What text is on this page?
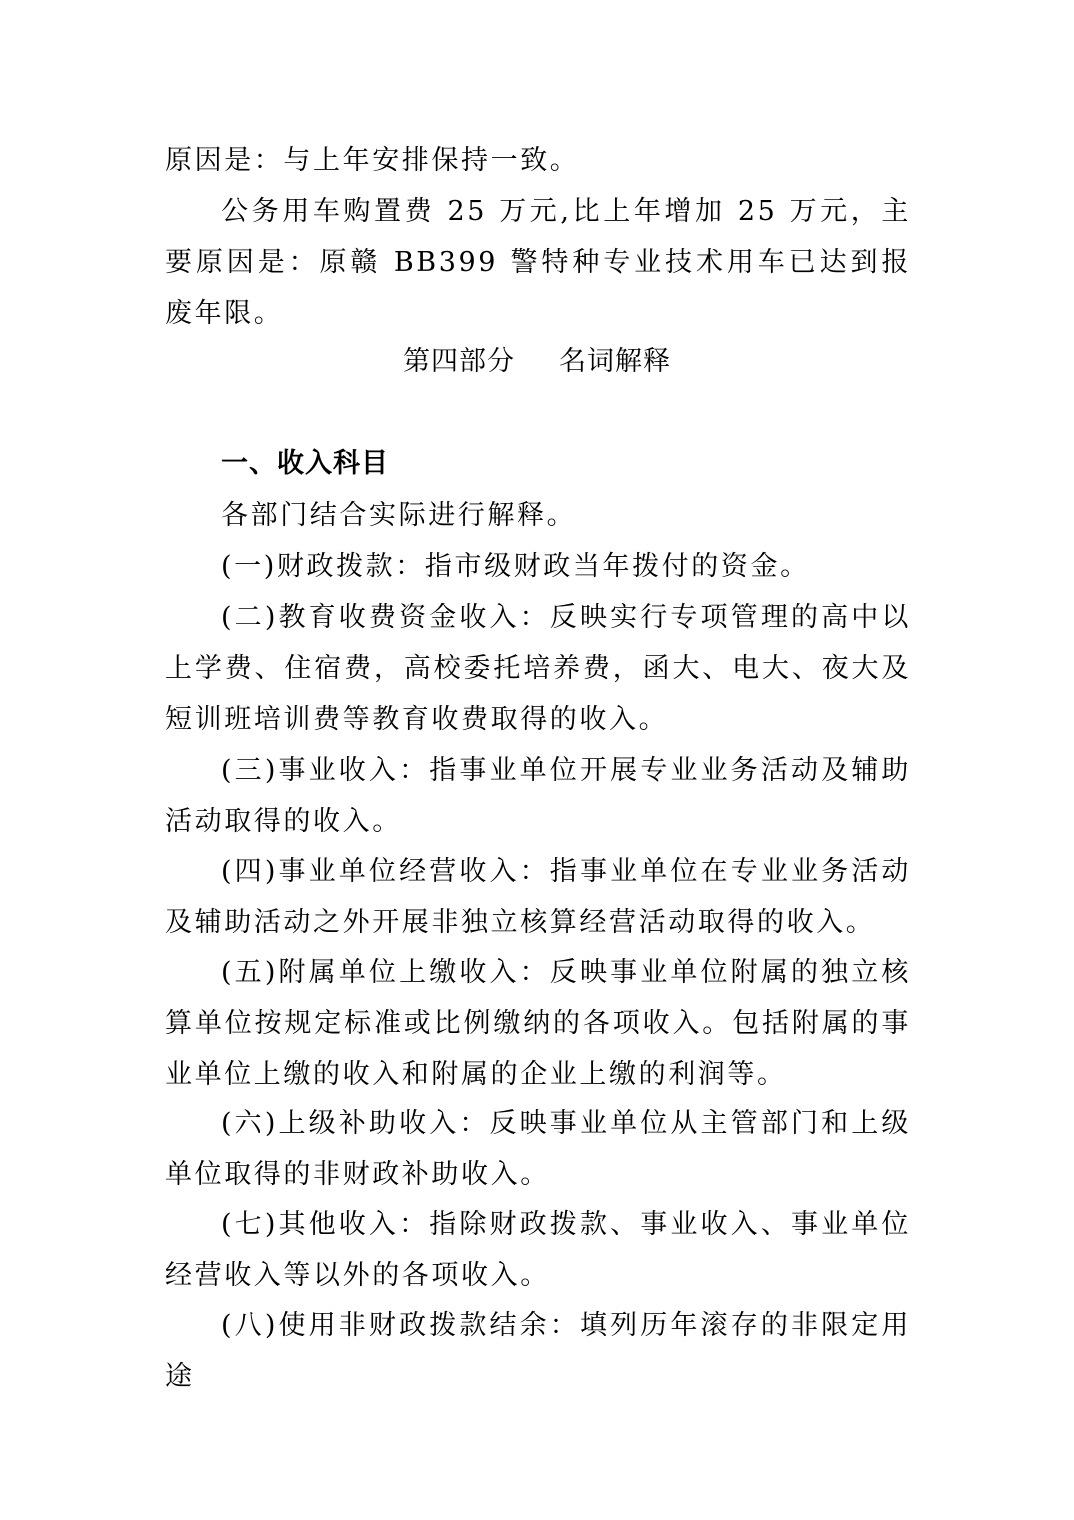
原因是：与上年安排保持一致。
公务用车购置费 25 万元,比上年增加 25 万元，主要原因是：原赣 BB399 警特种专业技术用车已达到报废年限。
第四部分 名词解释
一、收入科目
各部门结合实际进行解释。
(一)财政拨款：指市级财政当年拨付的资金。
(二)教育收费资金收入：反映实行专项管理的高中以上学费、住宿费，高校委托培养费，函大、电大、夜大及短训班培训费等教育收费取得的收入。
(三)事业收入：指事业单位开展专业业务活动及辅助活动取得的收入。
(四)事业单位经营收入：指事业单位在专业业务活动及辅助活动之外开展非独立核算经营活动取得的收入。
(五)附属单位上缴收入：反映事业单位附属的独立核算单位按规定标准或比例缴纳的各项收入。包括附属的事业单位上缴的收入和附属的企业上缴的利润等。
(六)上级补助收入：反映事业单位从主管部门和上级单位取得的非财政补助收入。
(七)其他收入：指除财政拨款、事业收入、事业单位经营收入等以外的各项收入。
(八)使用非财政拨款结余：填列历年滚存的非限定用途
